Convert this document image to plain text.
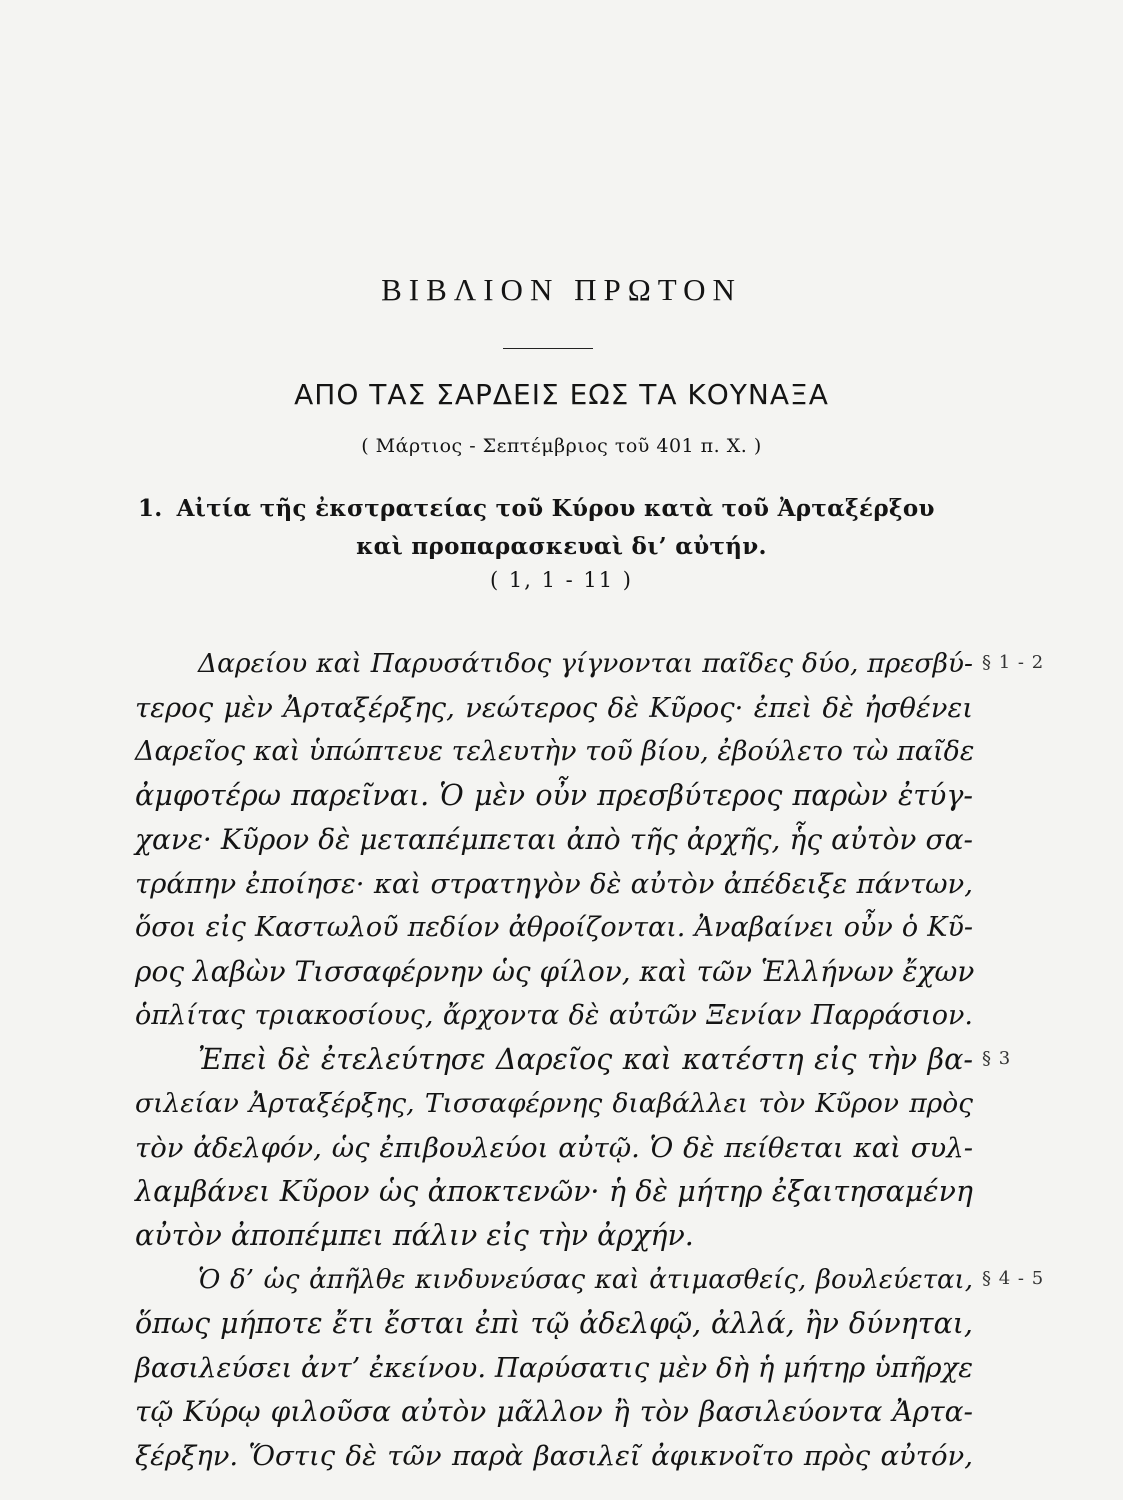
ΒΙΒΛΙΟΝ ΠΡΩΤΟΝ
ΑΠΟ ΤΑΣ ΣΑΡΔΕΙΣ ΕΩΣ ΤΑ ΚΟΥΝΑΞΑ
( Μάρτιος - Σεπτέμβριος τοῦ 401 π. Χ. )
1. Αἰτία τῆς ἐκστρατείας τοῦ Κύρου κατὰ τοῦ Ἀρταξέρξου
καὶ προπαρασκευαὶ δι’ αὐτήν.
( 1, 1 - 11 )
Δαρείου καὶ Παρυσάτιδος γίγνονται παῖδες δύο, πρεσβύ-
τερος μὲν Ἀρταξέρξης, νεώτερος δὲ Κῦρος· ἐπεὶ δὲ ἠσθένει
Δαρεῖος καὶ ὑπώπτευε τελευτὴν τοῦ βίου, ἐβούλετο τὼ παῖδε
ἀμφοτέρω παρεῖναι. Ὁ μὲν οὖν πρεσβύτερος παρὼν ἐτύγ-
χανε· Κῦρον δὲ μεταπέμπεται ἀπὸ τῆς ἀρχῆς, ἧς αὐτὸν σα-
τράπην ἐποίησε· καὶ στρατηγὸν δὲ αὐτὸν ἀπέδειξε πάντων,
ὅσοι εἰς Καστωλοῦ πεδίον ἀθροίζονται. Ἀναβαίνει οὖν ὁ Κῦ-
ρος λαβὼν Τισσαφέρνην ὡς φίλον, καὶ τῶν Ἑλλήνων ἔχων
ὁπλίτας τριακοσίους, ἄρχοντα δὲ αὐτῶν Ξενίαν Παρράσιον.
Ἐπεὶ δὲ ἐτελεύτησε Δαρεῖος καὶ κατέστη εἰς τὴν βα-
σιλείαν Ἀρταξέρξης, Τισσαφέρνης διαβάλλει τὸν Κῦρον πρὸς
τὸν ἀδελφόν, ὡς ἐπιβουλεύοι αὐτῷ. Ὁ δὲ πείθεται καὶ συλ-
λαμβάνει Κῦρον ὡς ἀποκτενῶν· ἡ δὲ μήτηρ ἐξαιτησαμένη
αὐτὸν ἀποπέμπει πάλιν εἰς τὴν ἀρχήν.
Ὁ δ’ ὡς ἀπῆλθε κινδυνεύσας καὶ ἀτιμασθείς, βουλεύεται,
ὅπως μήποτε ἔτι ἔσται ἐπὶ τῷ ἀδελφῷ, ἀλλά, ἢν δύνηται,
βασιλεύσει ἀντ’ ἐκείνου. Παρύσατις μὲν δὴ ἡ μήτηρ ὑπῆρχε
τῷ Κύρῳ φιλοῦσα αὐτὸν μᾶλλον ἢ τὸν βασιλεύοντα Ἀρτα-
ξέρξην. Ὅστις δὲ τῶν παρὰ βασιλεῖ ἀφικνοῖτο πρὸς αὐτόν,
§ 1 - 2
§ 3
§ 4 - 5
